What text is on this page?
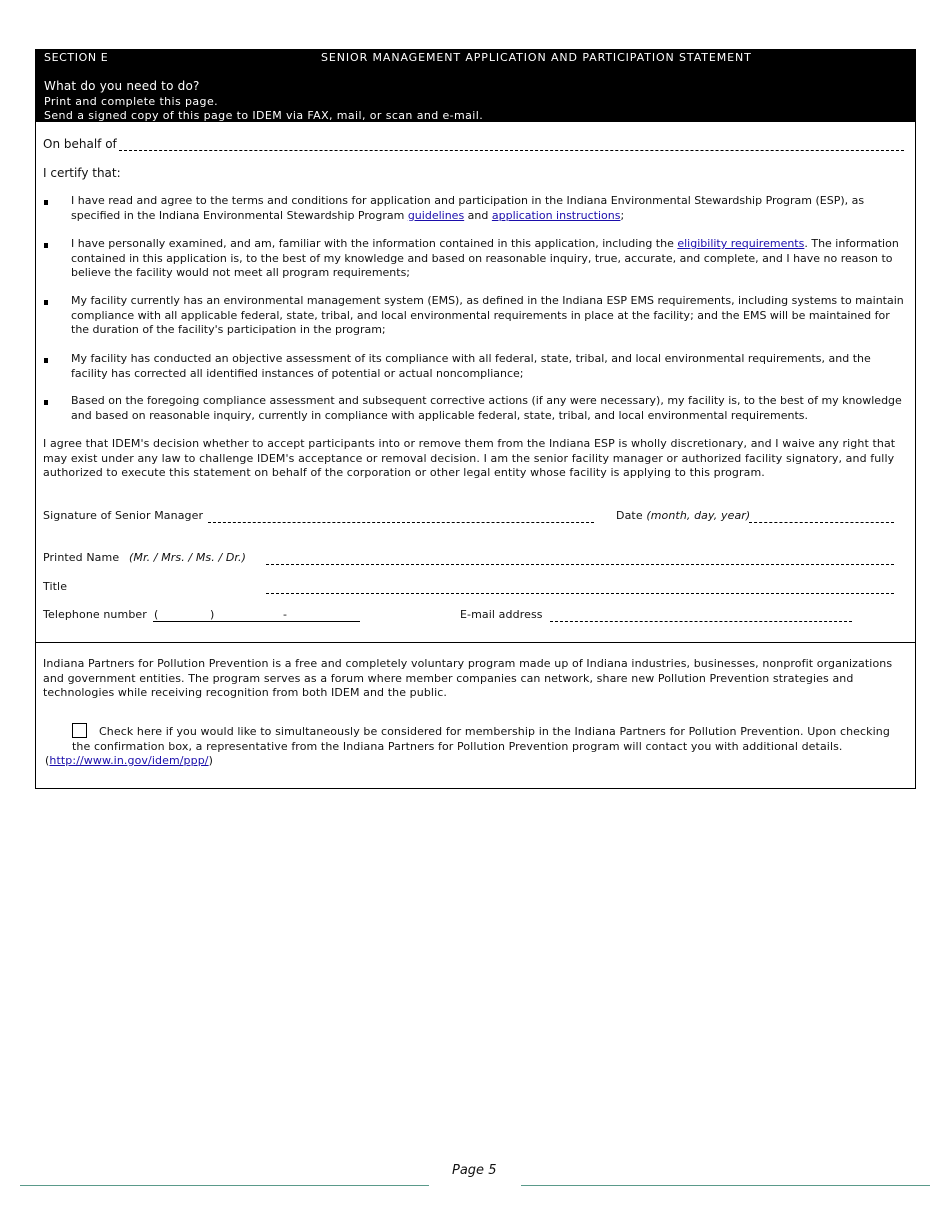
SECTION E	SENIOR MANAGEMENT APPLICATION AND PARTICIPATION STATEMENT
What do you need to do?
Print and complete this page.
Send a signed copy of this page to IDEM via FAX, mail, or scan and e-mail.
On behalf of
I certify that:
I have read and agree to the terms and conditions for application and participation in the Indiana Environmental Stewardship Program (ESP), as specified in the Indiana Environmental Stewardship Program guidelines and application instructions;
I have personally examined, and am, familiar with the information contained in this application, including the eligibility requirements. The information contained in this application is, to the best of my knowledge and based on reasonable inquiry, true, accurate, and complete, and I have no reason to believe the facility would not meet all program requirements;
My facility currently has an environmental management system (EMS), as defined in the Indiana ESP EMS requirements, including systems to maintain compliance with all applicable federal, state, tribal, and local environmental requirements in place at the facility; and the EMS will be maintained for the duration of the facility's participation in the program;
My facility has conducted an objective assessment of its compliance with all federal, state, tribal, and local environmental requirements, and the facility has corrected all identified instances of potential or actual noncompliance;
Based on the foregoing compliance assessment and subsequent corrective actions (if any were necessary), my facility is, to the best of my knowledge and based on reasonable inquiry, currently in compliance with applicable federal, state, tribal, and local environmental requirements.
I agree that IDEM's decision whether to accept participants into or remove them from the Indiana ESP is wholly discretionary, and I waive any right that may exist under any law to challenge IDEM's acceptance or removal decision. I am the senior facility manager or authorized facility signatory, and fully authorized to execute this statement on behalf of the corporation or other legal entity whose facility is applying to this program.
Signature of Senior Manager	Date (month, day, year)
Printed Name (Mr. / Mrs. / Ms. / Dr.)
Title
Telephone number (	)	-	E-mail address
Indiana Partners for Pollution Prevention is a free and completely voluntary program made up of Indiana industries, businesses, nonprofit organizations and government entities. The program serves as a forum where member companies can network, share new Pollution Prevention strategies and technologies while receiving recognition from both IDEM and the public.
Check here if you would like to simultaneously be considered for membership in the Indiana Partners for Pollution Prevention. Upon checking the confirmation box, a representative from the Indiana Partners for Pollution Prevention program will contact you with additional details.
(http://www.in.gov/idem/ppp/)
Page 5
